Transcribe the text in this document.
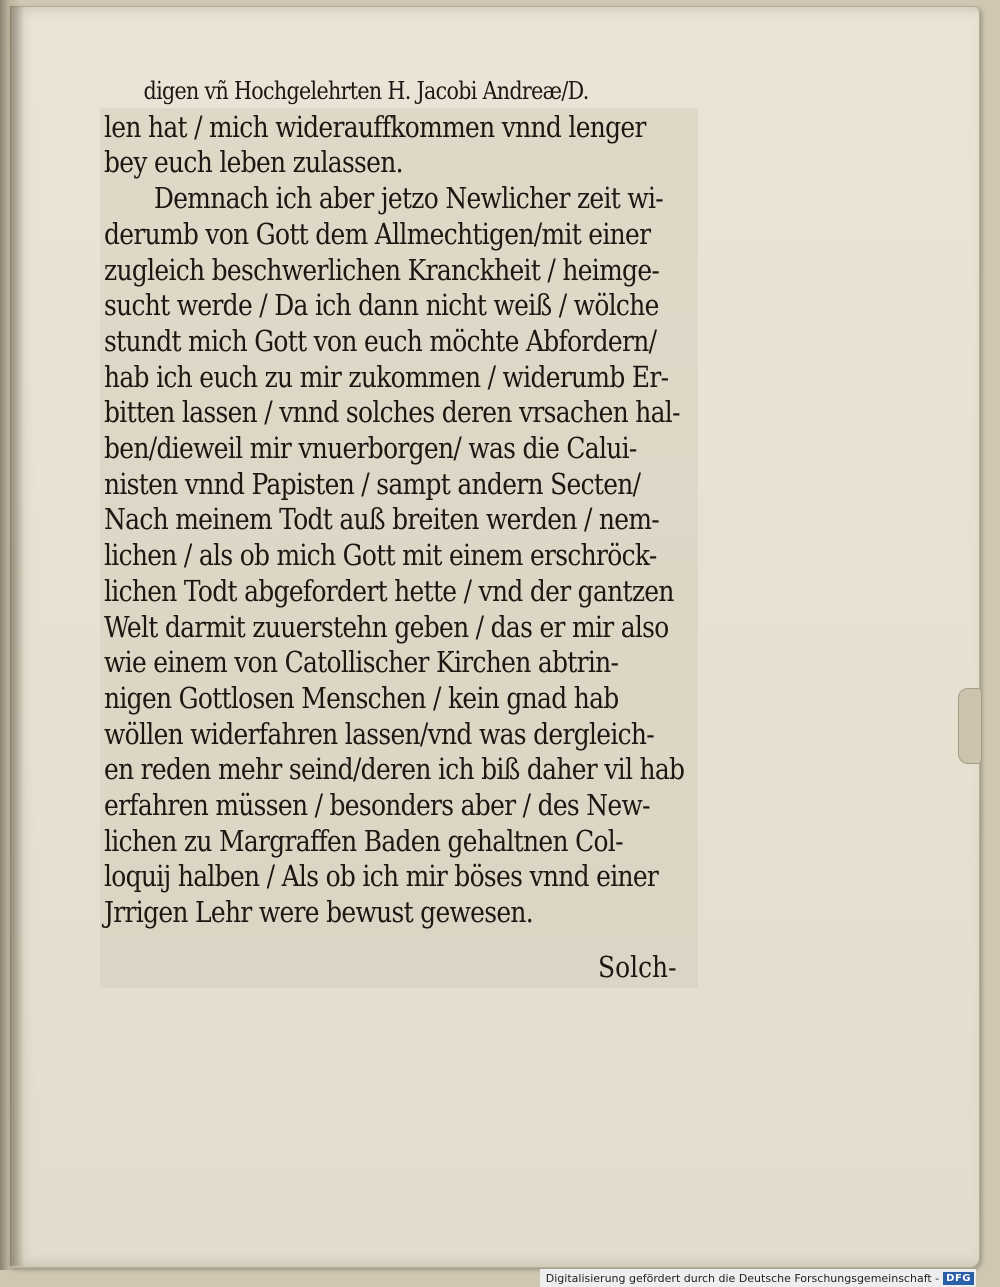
digen vñ Hochgelehrten H. Jacobi Andreæ/D.
len hat / mich widerauffkommen vnnd lenger
bey euch leben zulassen.
Demnach ich aber jetzo Newlicher zeit wi-
derumb von Gott dem Allmechtigen/mit einer
zugleich beschwerlichen Kranckheit / heimge-
sucht werde / Da ich dann nicht weiß / wölche
stundt mich Gott von euch möchte Abfordern/
hab ich euch zu mir zukommen / widerumb Er-
bitten lassen / vnnd solches deren vrsachen hal-
ben/dieweil mir vnuerborgen/ was die Calui-
nisten vnnd Papisten / sampt andern Secten/
Nach meinem Todt auß breiten werden / nem-
lichen / als ob mich Gott mit einem erschröck-
lichen Todt abgefordert hette / vnd der gantzen
Welt darmit zuuerstehn geben / das er mir also
wie einem von Catollischer Kirchen abtrin-
nigen Gottlosen Menschen / kein gnad hab
wöllen widerfahren lassen/vnd was dergleich-
en reden mehr seind/deren ich biß daher vil hab
erfahren müssen / besonders aber / des New-
lichen zu Margraffen Baden gehaltnen Col-
loquij halben / Als ob ich mir böses vnnd einer
Jrrigen Lehr were bewust gewesen.
Solch-
Digitalisierung gefördert durch die Deutsche Forschungsgemeinschaft - DFG
